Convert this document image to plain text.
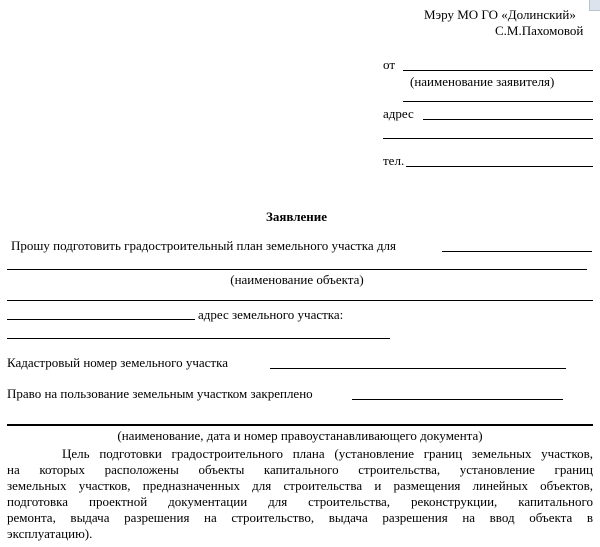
Мэру МО ГО «Долинский»
С.М.Пахомовой
от
(наименование заявителя)
адрес
тел.
Заявление
Прошу подготовить градостроительный план земельного участка для
(наименование объекта)
адрес земельного участка:
Кадастровый номер земельного участка
Право на пользование земельным участком закреплено
(наименование, дата и номер правоустанавливающего документа)
Цель подготовки градостроительного плана (установление границ земельных участков,
на которых расположены объекты капитального строительства, установление границ
земельных участков, предназначенных для строительства и размещения линейных объектов,
подготовка проектной документации для строительства, реконструкции, капитального
ремонта, выдача разрешения на строительство, выдача разрешения на ввод объекта в
эксплуатацию).
